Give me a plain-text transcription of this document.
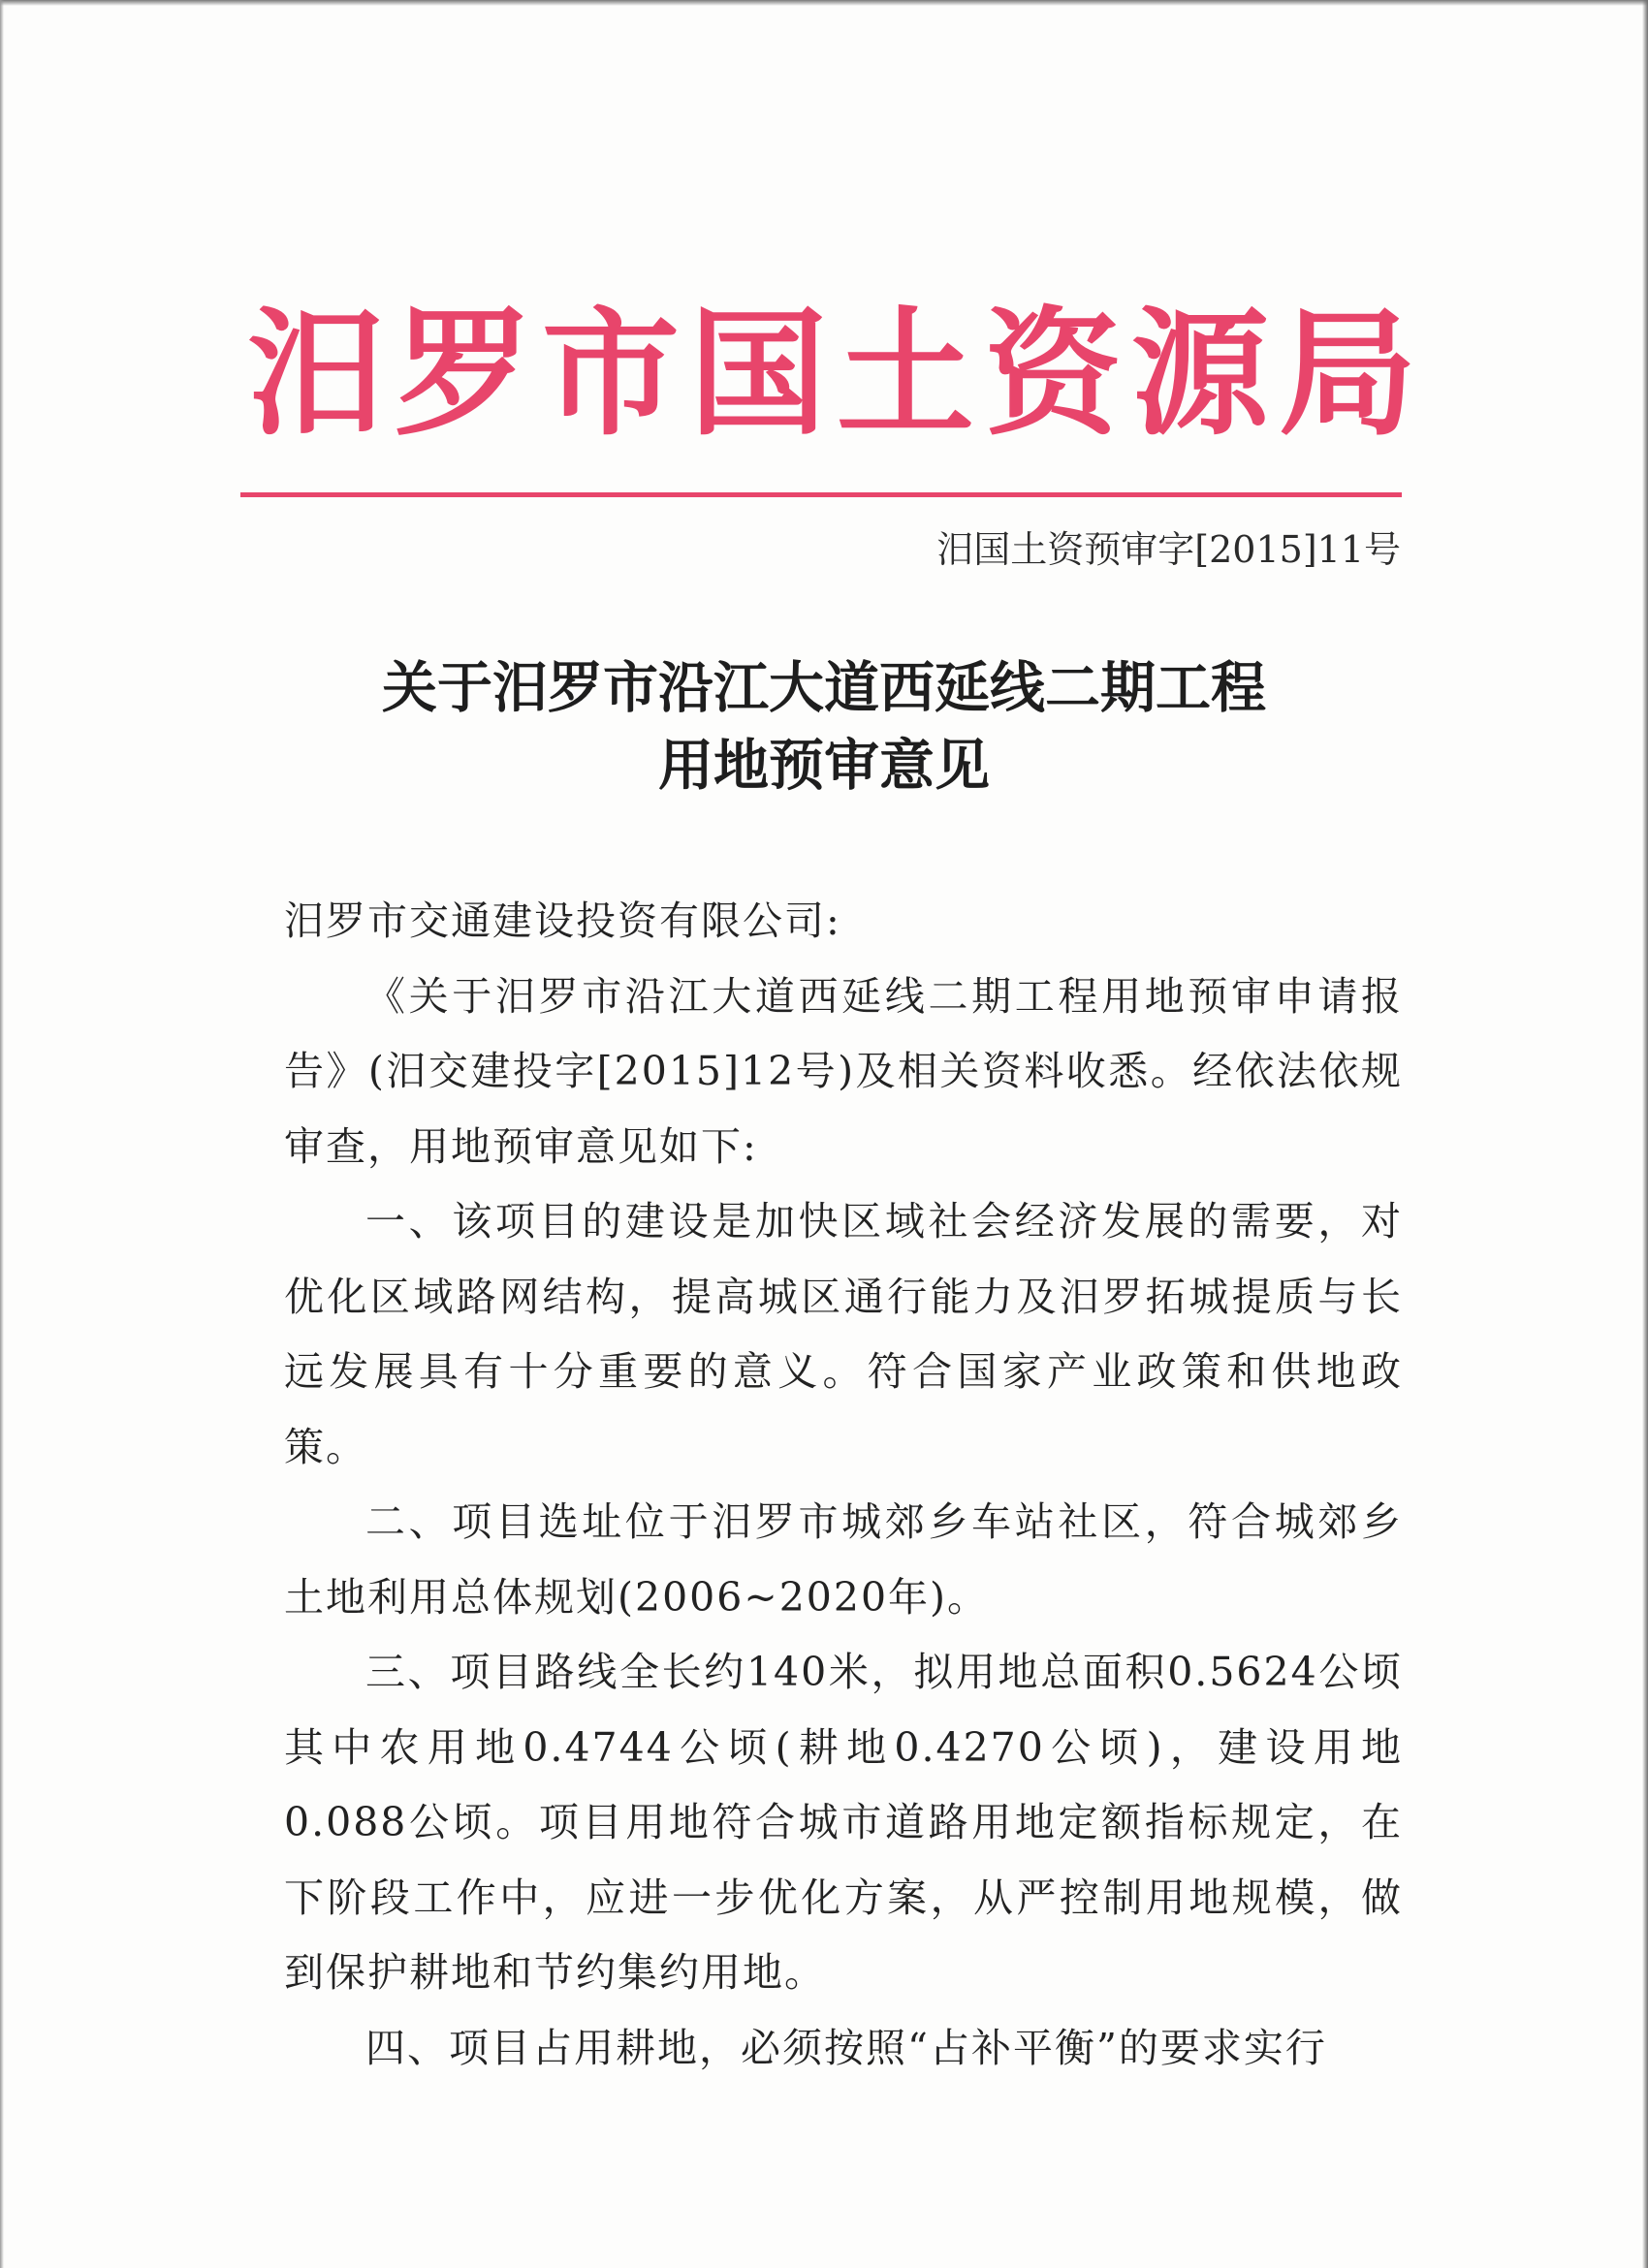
汨罗市国土资源局
汨国土资预审字[2015]11号
关于汨罗市沿江大道西延线二期工程
用地预审意见

汨罗市交通建设投资有限公司:

《关于汨罗市沿江大道西延线二期工程用地预审申请报告》(汨交建投字[2015]12号)及相关资料收悉。经依法依规审查，用地预审意见如下:

一、该项目的建设是加快区域社会经济发展的需要，对优化区域路网结构，提高城区通行能力及汨罗拓城提质与长远发展具有十分重要的意义。符合国家产业政策和供地政策。

二、项目选址位于汨罗市城郊乡车站社区，符合城郊乡土地利用总体规划(2006~2020年)。

三、项目路线全长约140米，拟用地总面积0.5624公顷其中农用地0.4744公顷(耕地0.4270公顷)，建设用地0.088公顷。项目用地符合城市道路用地定额指标规定，在下阶段工作中，应进一步优化方案，从严控制用地规模，做到保护耕地和节约集约用地。

四、项目占用耕地，必须按照“占补平衡”的要求实行
